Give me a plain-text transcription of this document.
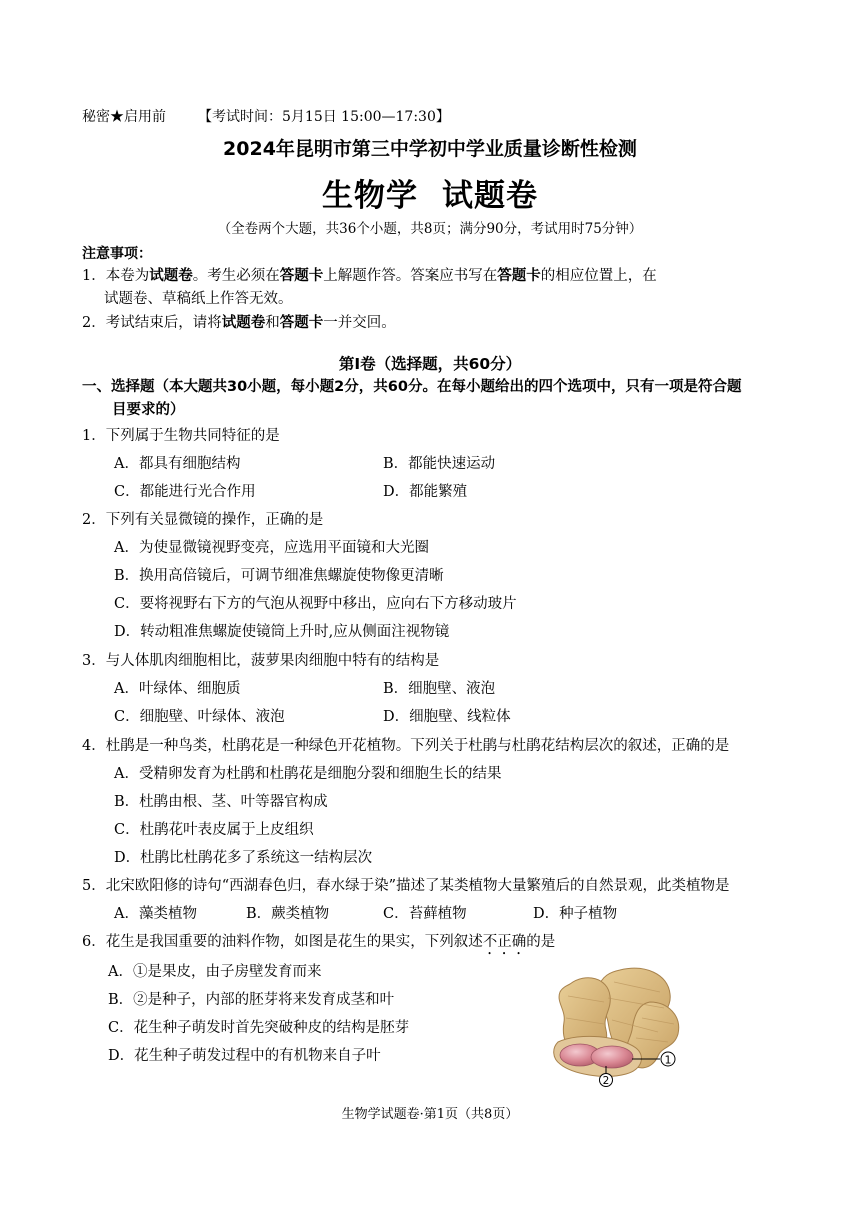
秘密★启用前 【考试时间：5月15日 15:00—17:30】
2024年昆明市第三中学初中学业质量诊断性检测
生物学 试题卷
（全卷两个大题，共36个小题，共8页；满分90分，考试用时75分钟）
注意事项：
1．本卷为试题卷。考生必须在答题卡上解题作答。答案应书写在答题卡的相应位置上，在
试题卷、草稿纸上作答无效。
2．考试结束后，请将试题卷和答题卡一并交回。
第Ⅰ卷（选择题，共60分）
一、选择题（本大题共30小题，每小题2分，共60分。在每小题给出的四个选项中，只有一项是符合题
目要求的）
1．下列属于生物共同特征的是
A．都具有细胞结构	B．都能快速运动
C．都能进行光合作用	D．都能繁殖
2．下列有关显微镜的操作，正确的是
A．为使显微镜视野变亮，应选用平面镜和大光圈
B．换用高倍镜后，可调节细准焦螺旋使物像更清晰
C．要将视野右下方的气泡从视野中移出，应向右下方移动玻片
D．转动粗准焦螺旋使镜筒上升时,应从侧面注视物镜
3．与人体肌肉细胞相比，菠萝果肉细胞中特有的结构是
A．叶绿体、细胞质	B．细胞壁、液泡
C．细胞壁、叶绿体、液泡	D．细胞壁、线粒体
4．杜鹃是一种鸟类，杜鹃花是一种绿色开花植物。下列关于杜鹃与杜鹃花结构层次的叙述，正确的是
A．受精卵发育为杜鹃和杜鹃花是细胞分裂和细胞生长的结果
B．杜鹃由根、茎、叶等器官构成
C．杜鹃花叶表皮属于上皮组织
D．杜鹃比杜鹃花多了系统这一结构层次
5．北宋欧阳修的诗句“西湖春色归，春水绿于染”描述了某类植物大量繁殖后的自然景观，此类植物是
A．藻类植物	B．蕨类植物	C．苔藓植物	D．种子植物
6．花生是我国重要的油料作物，如图是花生的果实，下列叙述不正确的是
A．①是果皮，由子房壁发育而来
B．②是种子，内部的胚芽将来发育成茎和叶
C．花生种子萌发时首先突破种皮的结构是胚芽
D．花生种子萌发过程中的有机物来自子叶	1
2
生物学试题卷·第1页（共8页）
